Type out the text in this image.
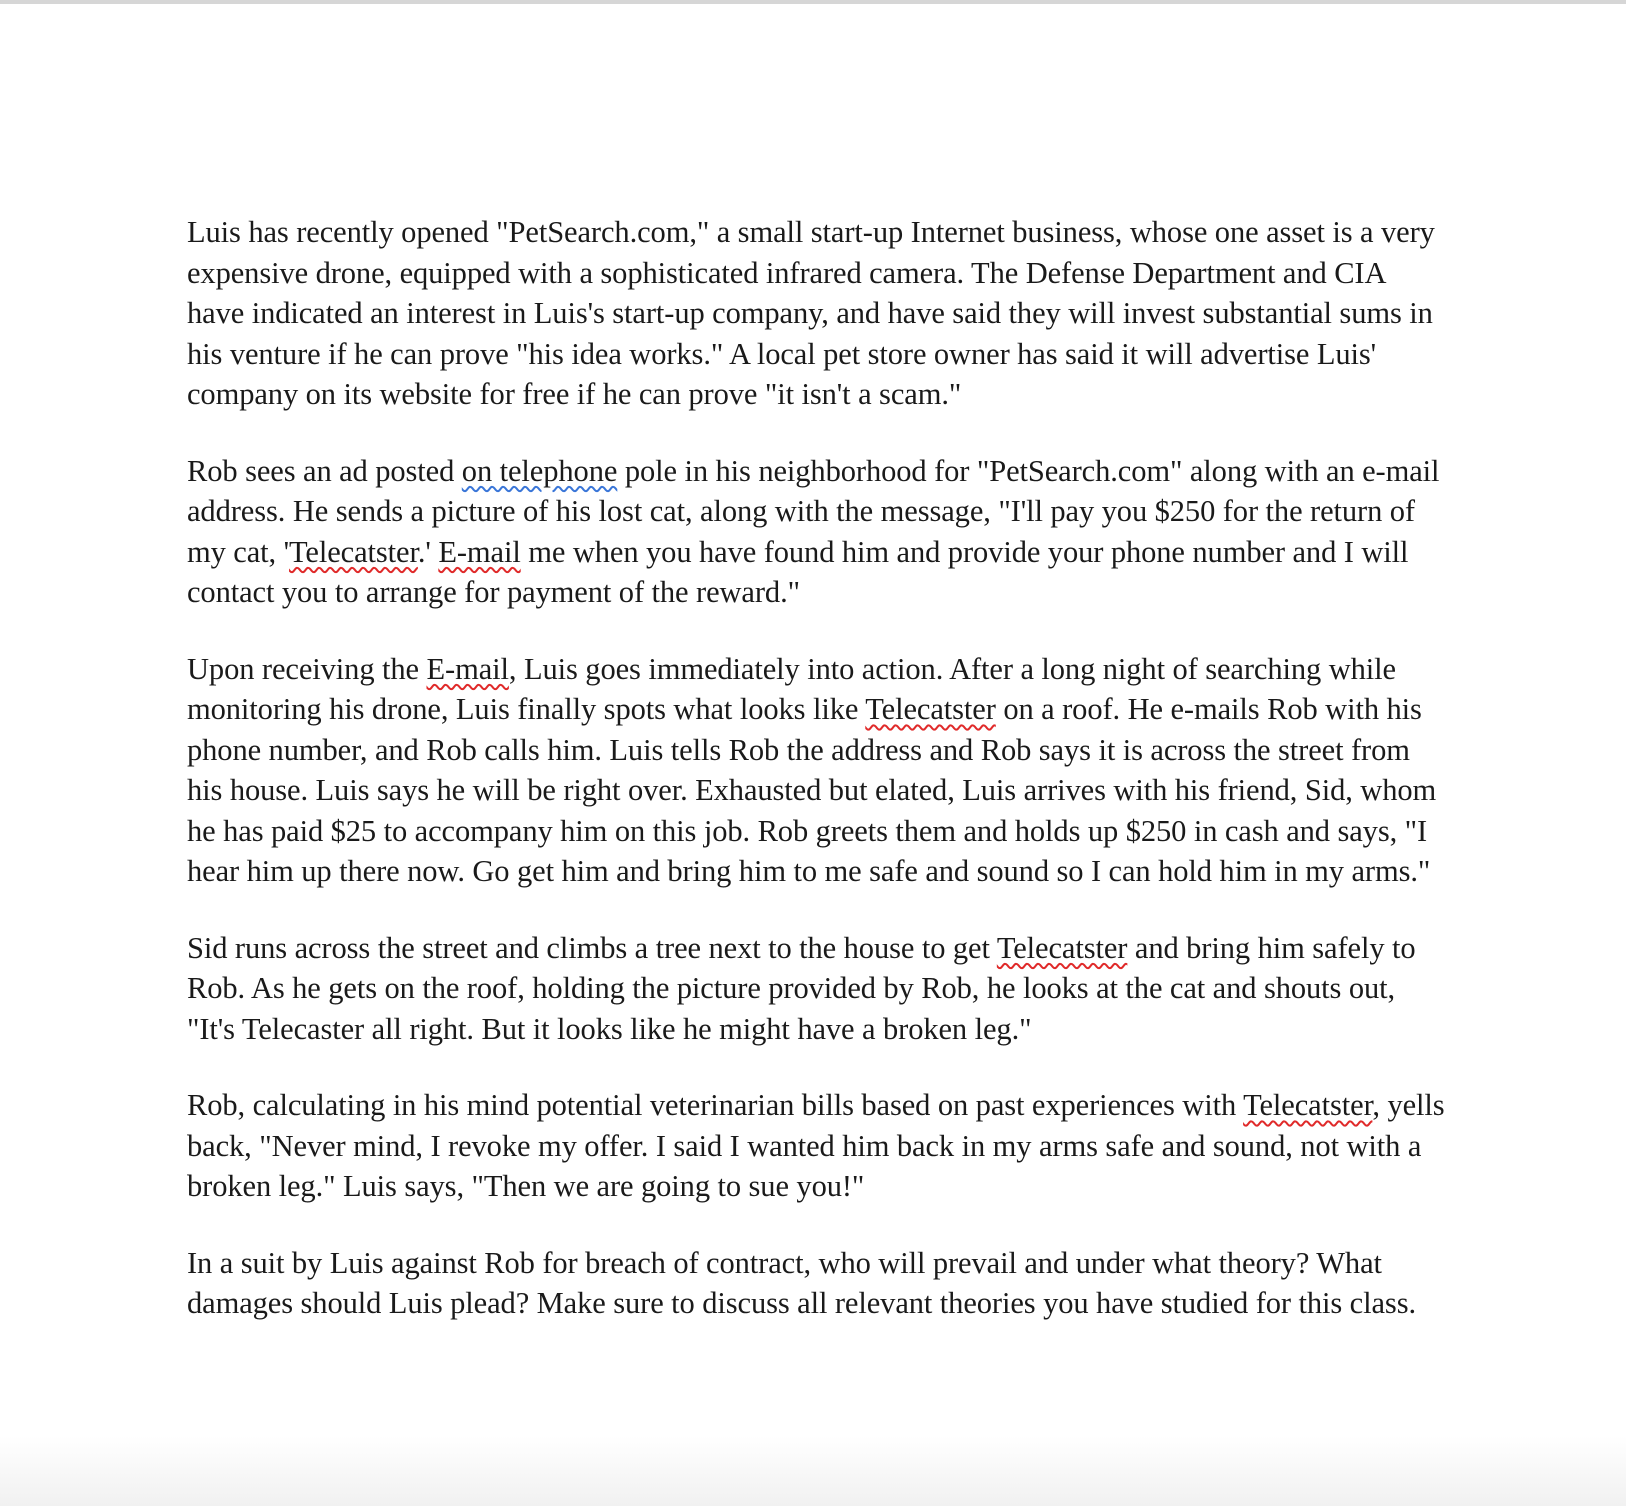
Luis has recently opened "PetSearch.com," a small start-up Internet business, whose one asset is a very expensive drone, equipped with a sophisticated infrared camera. The Defense Department and CIA have indicated an interest in Luis's start-up company, and have said they will invest substantial sums in his venture if he can prove "his idea works." A local pet store owner has said it will advertise Luis' company on its website for free if he can prove "it isn't a scam."

Rob sees an ad posted on telephone pole in his neighborhood for "PetSearch.com" along with an e-mail address. He sends a picture of his lost cat, along with the message, "I'll pay you $250 for the return of my cat, 'Telecatster.' E-mail me when you have found him and provide your phone number and I will contact you to arrange for payment of the reward."

Upon receiving the E-mail, Luis goes immediately into action. After a long night of searching while monitoring his drone, Luis finally spots what looks like Telecatster on a roof. He e-mails Rob with his phone number, and Rob calls him. Luis tells Rob the address and Rob says it is across the street from his house. Luis says he will be right over. Exhausted but elated, Luis arrives with his friend, Sid, whom he has paid $25 to accompany him on this job. Rob greets them and holds up $250 in cash and says, "I hear him up there now. Go get him and bring him to me safe and sound so I can hold him in my arms."

Sid runs across the street and climbs a tree next to the house to get Telecatster and bring him safely to Rob. As he gets on the roof, holding the picture provided by Rob, he looks at the cat and shouts out, "It's Telecaster all right. But it looks like he might have a broken leg."

Rob, calculating in his mind potential veterinarian bills based on past experiences with Telecatster, yells back, "Never mind, I revoke my offer. I said I wanted him back in my arms safe and sound, not with a broken leg." Luis says, "Then we are going to sue you!"

In a suit by Luis against Rob for breach of contract, who will prevail and under what theory? What damages should Luis plead? Make sure to discuss all relevant theories you have studied for this class.
